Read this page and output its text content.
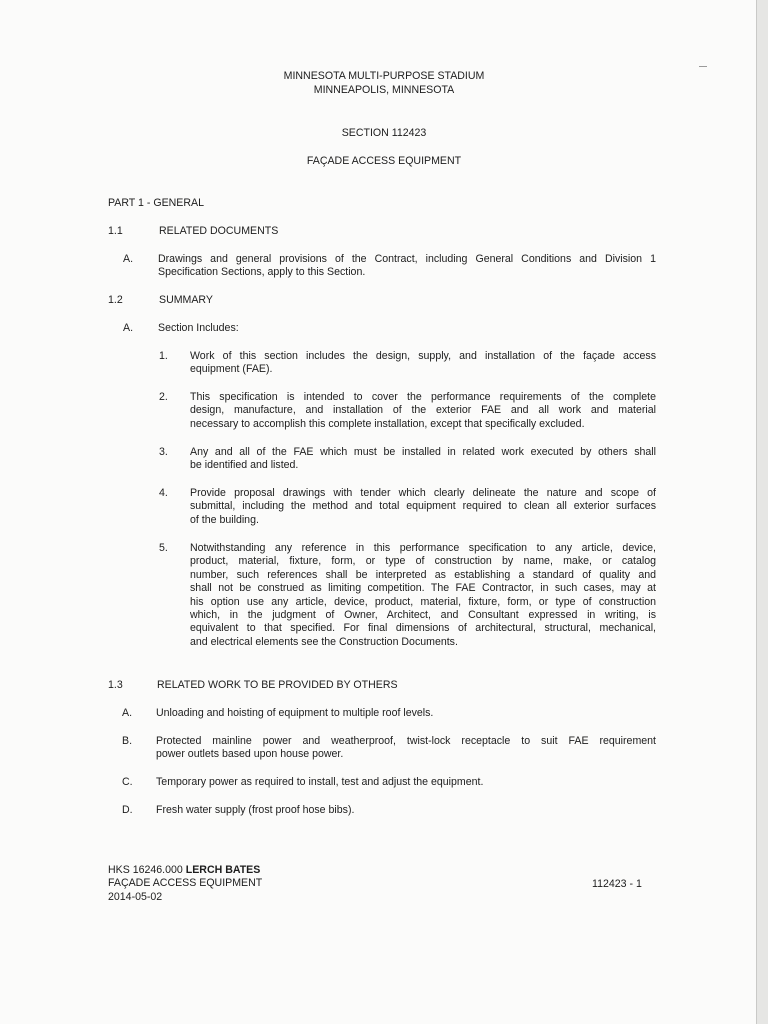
MINNESOTA MULTI-PURPOSE STADIUM
MINNEAPOLIS, MINNESOTA
SECTION 112423
FAÇADE ACCESS EQUIPMENT
PART 1 - GENERAL
1.1	RELATED DOCUMENTS
A. Drawings and general provisions of the Contract, including General Conditions and Division 1
Specification Sections, apply to this Section.
1.2	SUMMARY
A. Section Includes:
1. Work of this section includes the design, supply, and installation of the façade access
equipment (FAE).
2. This specification is intended to cover the performance requirements of the complete
design, manufacture, and installation of the exterior FAE and all work and material
necessary to accomplish this complete installation, except that specifically excluded.
3. Any and all of the FAE which must be installed in related work executed by others shall
be identified and listed.
4. Provide proposal drawings with tender which clearly delineate the nature and scope of
submittal, including the method and total equipment required to clean all exterior surfaces
of the building.
5. Notwithstanding any reference in this performance specification to any article, device,
product, material, fixture, form, or type of construction by name, make, or catalog
number, such references shall be interpreted as establishing a standard of quality and
shall not be construed as limiting competition. The FAE Contractor, in such cases, may at
his option use any article, device, product, material, fixture, form, or type of construction
which, in the judgment of Owner, Architect, and Consultant expressed in writing, is
equivalent to that specified. For final dimensions of architectural, structural, mechanical,
and electrical elements see the Construction Documents.
1.3	RELATED WORK TO BE PROVIDED BY OTHERS
A. Unloading and hoisting of equipment to multiple roof levels.
B. Protected mainline power and weatherproof, twist-lock receptacle to suit FAE requirement
power outlets based upon house power.
C. Temporary power as required to install, test and adjust the equipment.
D. Fresh water supply (frost proof hose bibs).
HKS 16246.000 LERCH BATES
FAÇADE ACCESS EQUIPMENT
2014-05-02
112423 - 1
